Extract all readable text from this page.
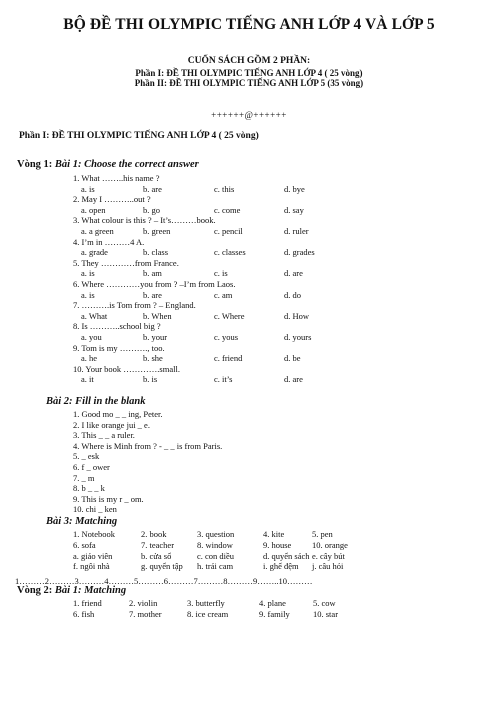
BỘ ĐỀ THI OLYMPIC TIẾNG ANH LỚP 4 VÀ LỚP 5
CUỐN SÁCH GỒM 2 PHẦN:
Phần I: ĐỀ THI OLYMPIC TIẾNG ANH LỚP 4 ( 25 vòng)
Phần II: ĐỀ THI OLYMPIC TIẾNG ANH LỚP 5 (35 vòng)
++++++@++++++
Phần I: ĐỀ THI OLYMPIC TIẾNG ANH LỚP 4 ( 25 vòng)
Vòng 1: Bài 1: Choose the correct answer
1. What ……..his name ?
a. is	b. are	c. this	d. bye
2. May I ………..out ?
a. open	b. go	c. come	d. say
3. What colour is this ? – It’s………book.
a. a green	b. green	c. pencil	d. ruler
4. I’m in ………4 A.
a. grade	b. class	c. classes	d. grades
5. They …………from France.
a. is	b. am	c. is	d. are
6. Where …………you from ? –I’m from Laos.
a. is	b. are	c. am	d. do
7. ……….is Tom from ? – England.
a. What	b. When	c. Where	d. How
8. Is ………..school big ?
a. you	b. your	c. yous	d. yours
9. Tom is my ………., too.
a. he	b. she	c. friend	d. be
10. Your book ………….small.
a. it	b. is	c. it’s	d. are
Bài 2: Fill in the blank
1. Good mo _ _ ing, Peter.
2. I like orange jui _ e.
3. This _ _ a ruler.
4. Where is Minh from ? - _ _ is from Paris.
5. _ esk
6. f _ ower
7. _ m
8. b _ _ k
9. This is my r _ om.
10. chi _ ken
Bài 3: Matching
1. Notebook	2. book	3. question	4. kite	5. pen
6. sofa	7. teacher	8. window	9. house 10. orange
a. giáo viên	b. cửa sổ	c. con diều	d. quyển sách e. cây bút
f. ngôi nhà	g. quyển tập h. trái cam	i. ghế đệm j. câu hỏi
1………2………3………4………5………6………7………8………9……..10………
Vòng 2: Bài 1: Matching
1. friend	2. violin	3. butterfly	4. plane	5. cow
6. fish	7. mother	8. ice cream	9. family	10. star
